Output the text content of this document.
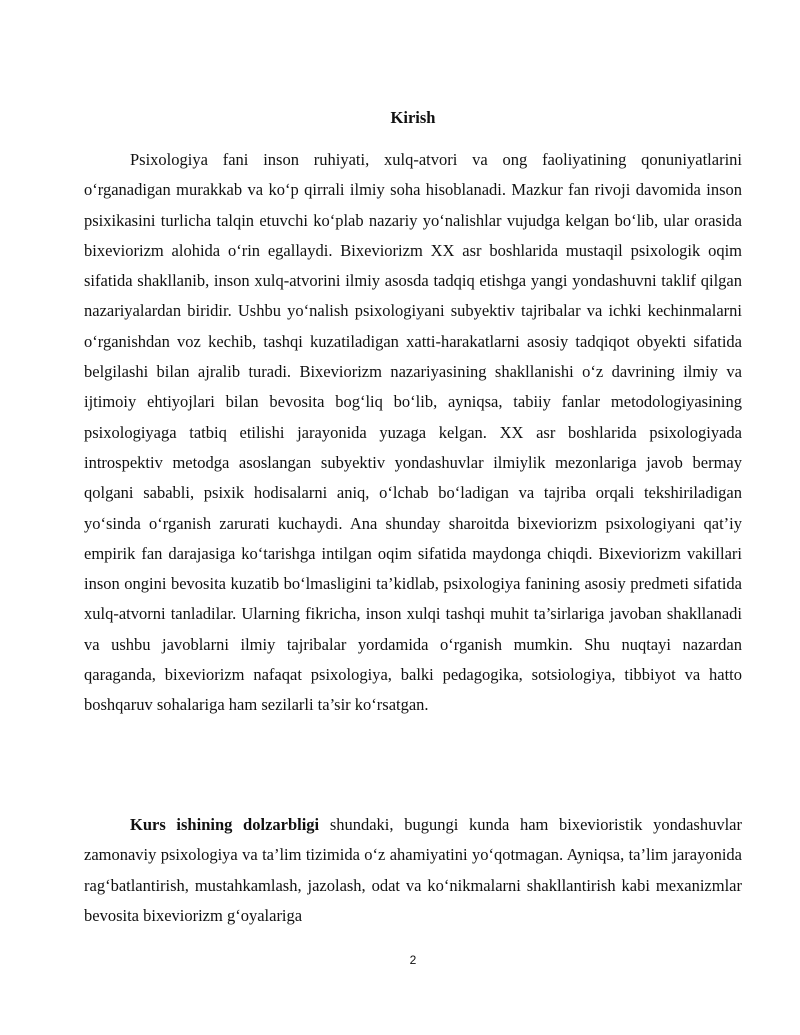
Kirish

Psixologiya fani inson ruhiyati, xulq-atvori va ong faoliyatining qonuniyatlarini o‘rganadigan murakkab va ko‘p qirrali ilmiy soha hisoblanadi. Mazkur fan rivoji davomida inson psixikasini turlicha talqin etuvchi ko‘plab nazariy yo‘nalishlar vujudga kelgan bo‘lib, ular orasida bixeviorizm alohida o‘rin egallaydi. Bixeviorizm XX asr boshlarida mustaqil psixologik oqim sifatida shakllanib, inson xulq-atvorini ilmiy asosda tadqiq etishga yangi yondashuvni taklif qilgan nazariyalardan biridir. Ushbu yo‘nalish psixologiyani subyektiv tajribalar va ichki kechinmalarni o‘rganishdan voz kechib, tashqi kuzatiladigan xatti-harakatlarni asosiy tadqiqot obyekti sifatida belgilashi bilan ajralib turadi. Bixeviorizm nazariyasining shakllanishi o‘z davrining ilmiy va ijtimoiy ehtiyojlari bilan bevosita bog‘liq bo‘lib, ayniqsa, tabiiy fanlar metodologiyasining psixologiyaga tatbiq etilishi jarayonida yuzaga kelgan. XX asr boshlarida psixologiyada introspektiv metodga asoslangan subyektiv yondashuvlar ilmiylik mezonlariga javob bermay qolgani sababli, psixik hodisalarni aniq, o‘lchab bo‘ladigan va tajriba orqali tekshiriladigan yo‘sinda o‘rganish zarurati kuchaydi. Ana shunday sharoitda bixeviorizm psixologiyani qat’iy empirik fan darajasiga ko‘tarishga intilgan oqim sifatida maydonga chiqdi. Bixeviorizm vakillari inson ongini bevosita kuzatib bo‘lmasligini ta’kidlab, psixologiya fanining asosiy predmeti sifatida xulq-atvorni tanladilar. Ularning fikricha, inson xulqi tashqi muhit ta’sirlariga javoban shakllanadi va ushbu javoblarni ilmiy tajribalar yordamida o‘rganish mumkin. Shu nuqtayi nazardan qaraganda, bixeviorizm nafaqat psixologiya, balki pedagogika, sotsiologiya, tibbiyot va hatto boshqaruv sohalariga ham sezilarli ta’sir ko‘rsatgan.

Kurs ishining dolzarbligi shundaki, bugungi kunda ham bixevioristik yondashuvlar zamonaviy psixologiya va ta’lim tizimida o‘z ahamiyatini yo‘qotmagan. Ayniqsa, ta’lim jarayonida rag‘batlantirish, mustahkamlash, jazolash, odat va ko‘nikmalarni shakllantirish kabi mexanizmlar bevosita bixeviorizm g‘oyalariga

2
